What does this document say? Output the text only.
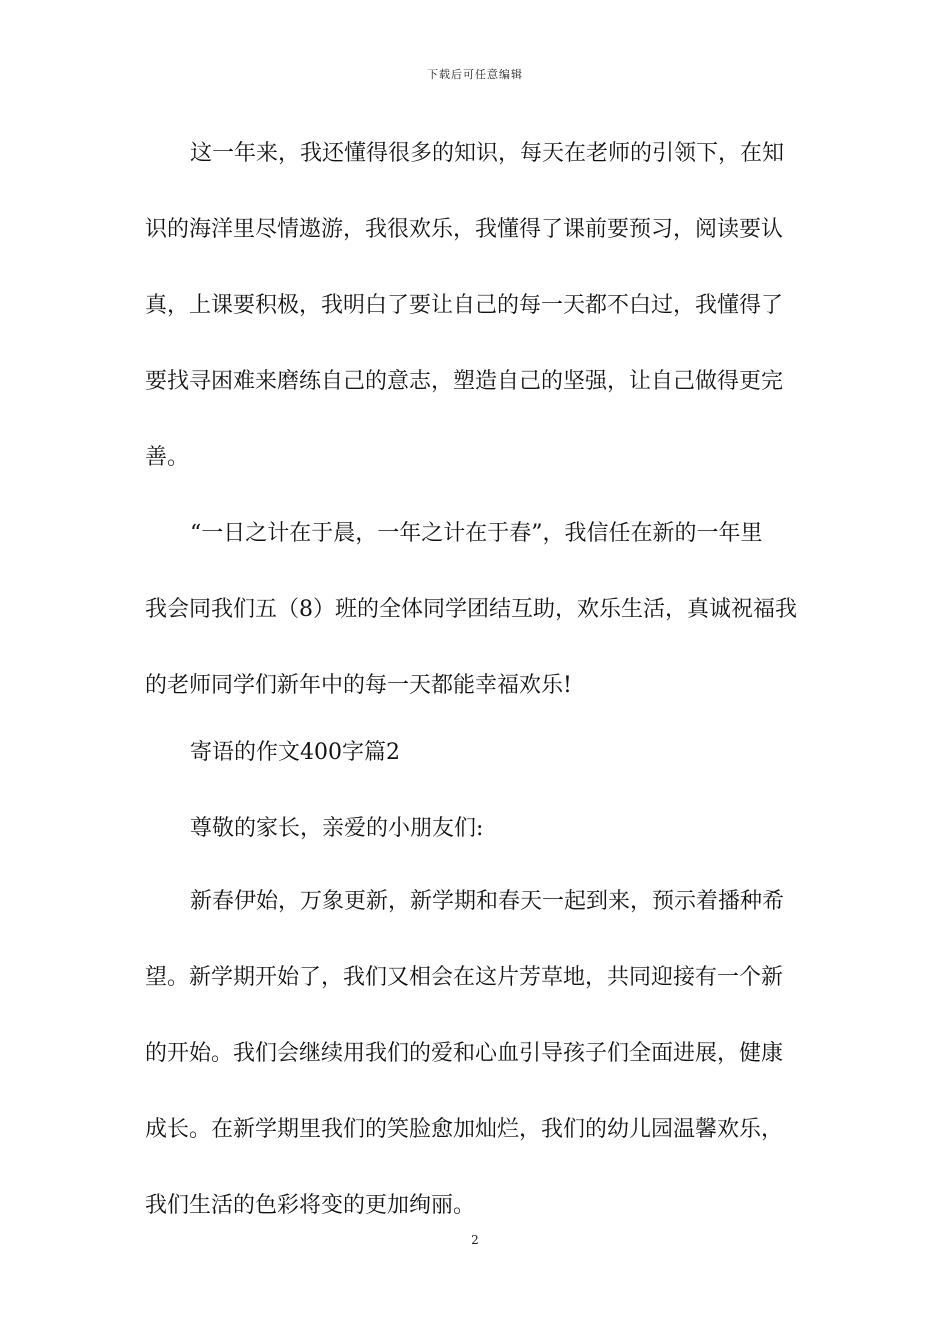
下载后可任意编辑
这一年来，我还懂得很多的知识，每天在老师的引领下，在知
识的海洋里尽情遨游，我很欢乐，我懂得了课前要预习，阅读要认
真，上课要积极，我明白了要让自己的每一天都不白过，我懂得了
要找寻困难来磨练自己的意志，塑造自己的坚强，让自己做得更完
善。
“一日之计在于晨，一年之计在于春”，我信任在新的一年里
我会同我们五（8）班的全体同学团结互助，欢乐生活，真诚祝福我
的老师同学们新年中的每一天都能幸福欢乐!
寄语的作文400字篇2
尊敬的家长，亲爱的小朋友们:
新春伊始，万象更新，新学期和春天一起到来，预示着播种希
望。新学期开始了，我们又相会在这片芳草地，共同迎接有一个新
的开始。我们会继续用我们的爱和心血引导孩子们全面进展，健康
成长。在新学期里我们的笑脸愈加灿烂，我们的幼儿园温馨欢乐，
我们生活的色彩将变的更加绚丽。
2
